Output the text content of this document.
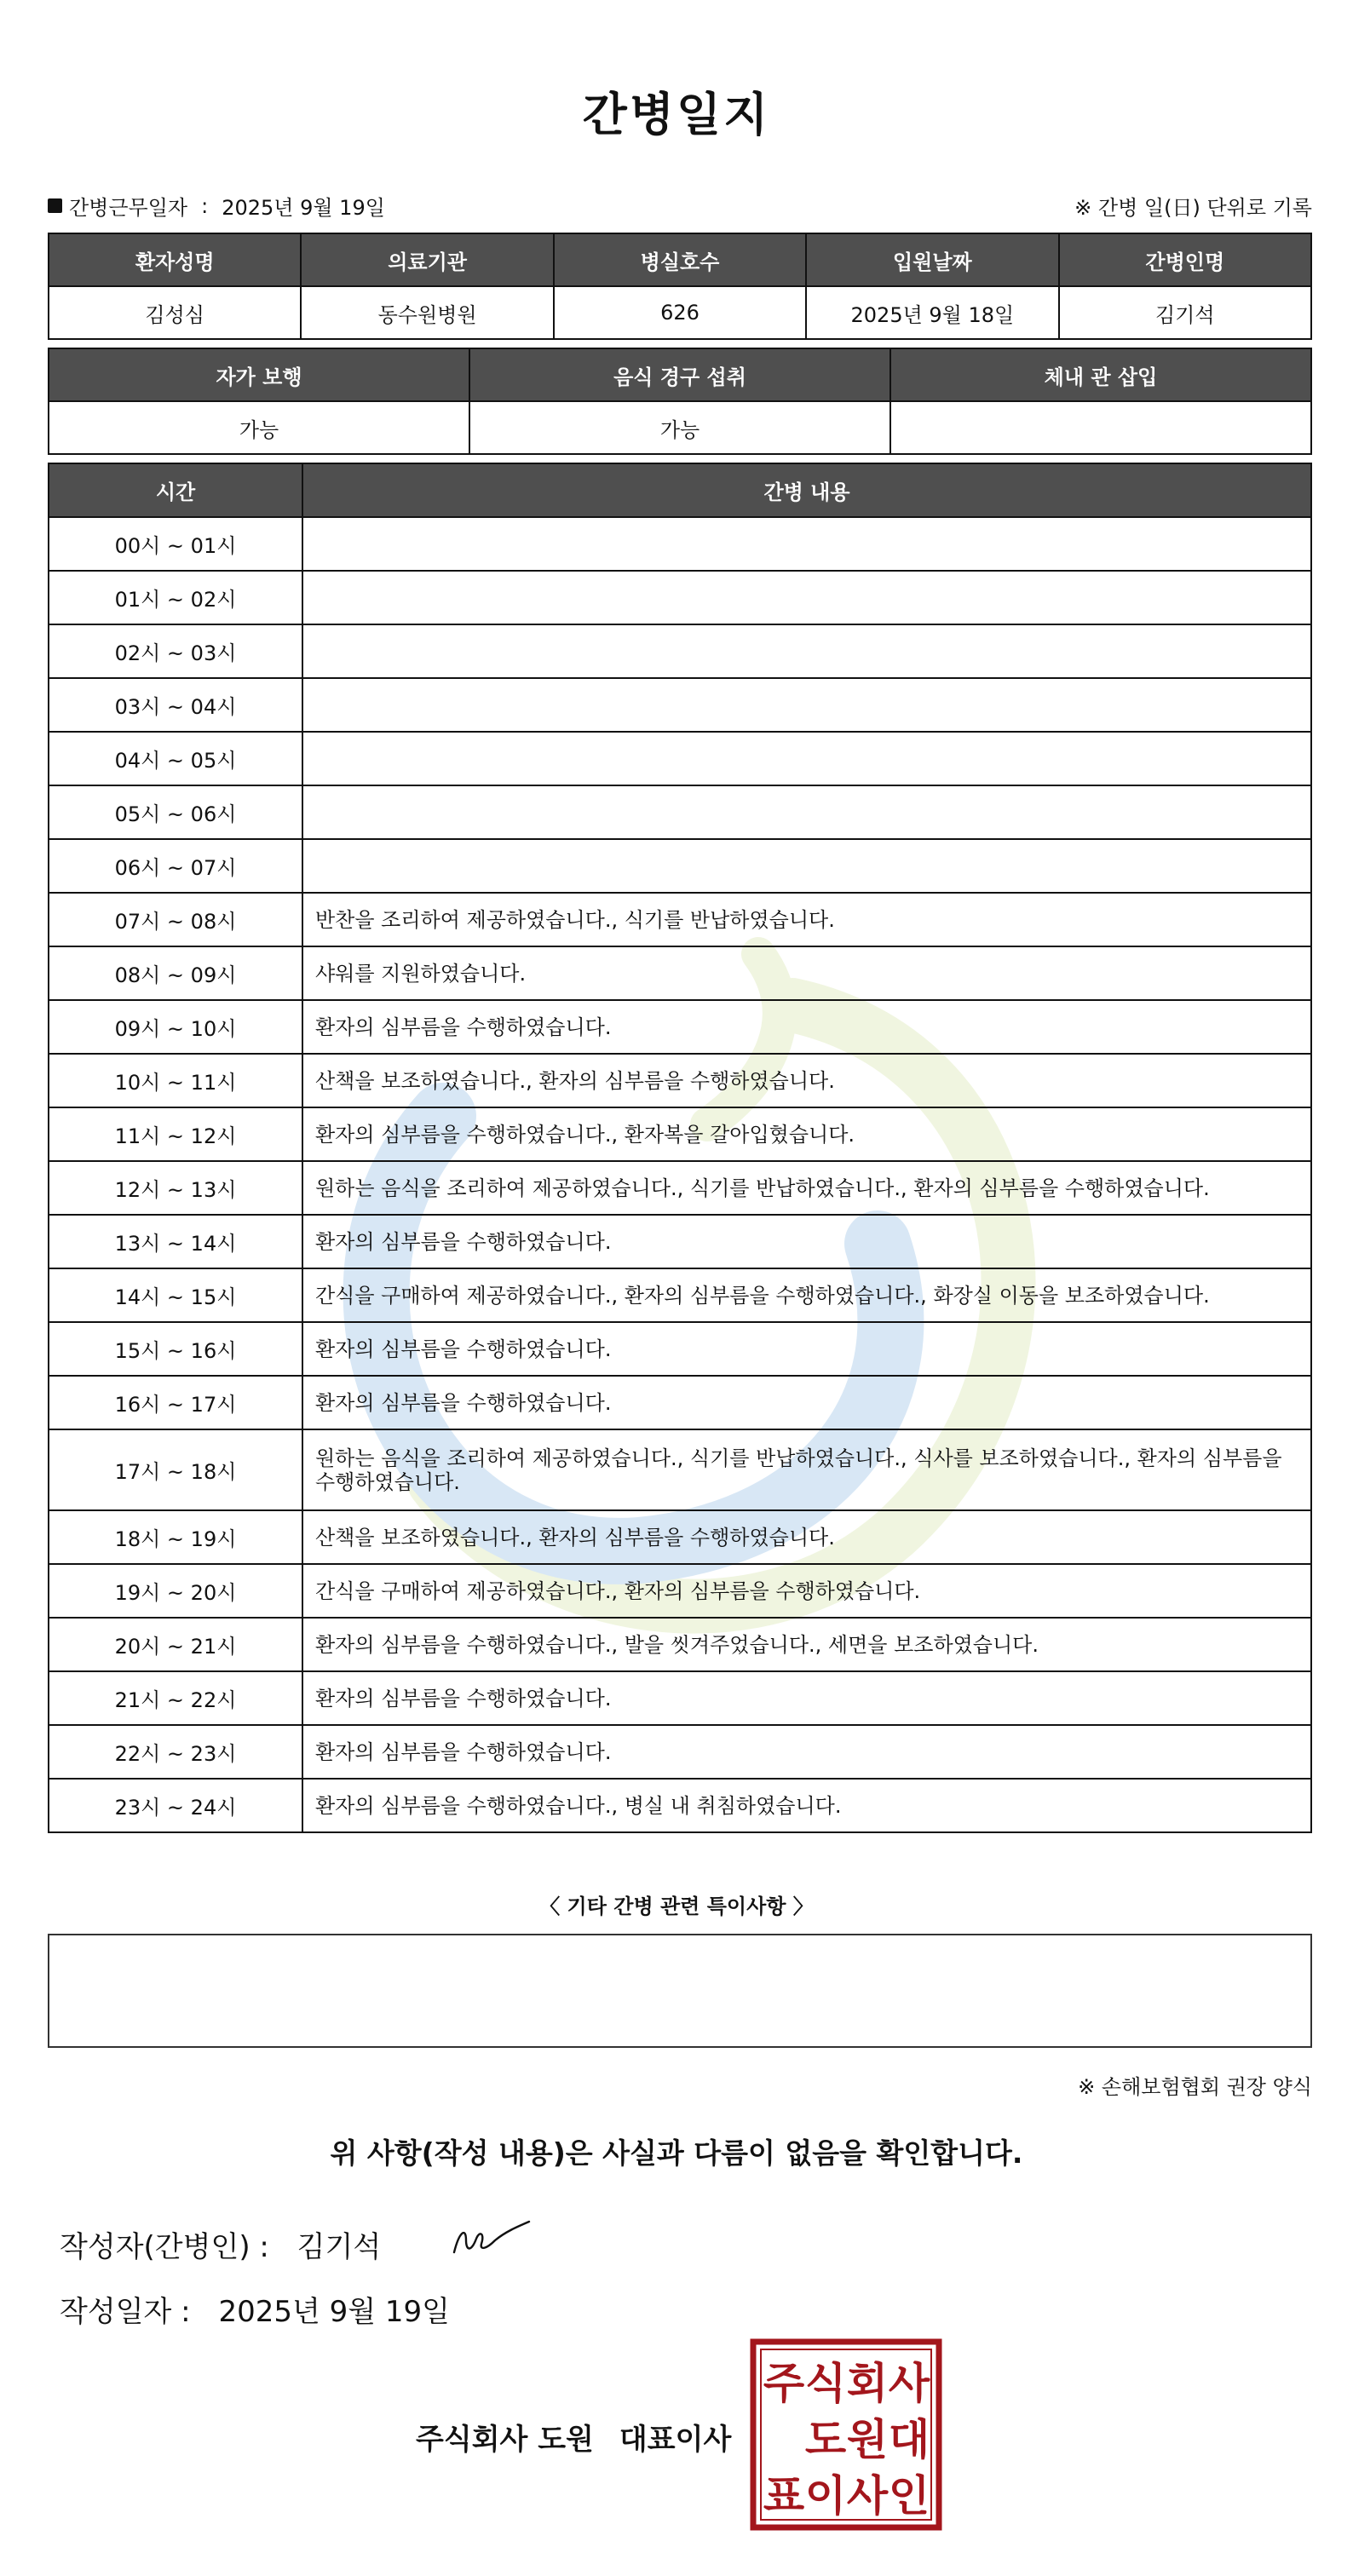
간병일지
간병근무일자 : 2025년 9월 19일	※ 간병 일(日) 단위로 기록
환자성명	의료기관	병실호수	입원날짜	간병인명
김성심	동수원병원	626	2025년 9월 18일	김기석
자가 보행	음식 경구 섭취	체내 관 삽입
가능	가능	
시간	간병 내용
00시 ~ 01시	
01시 ~ 02시	
02시 ~ 03시	
03시 ~ 04시	
04시 ~ 05시	
05시 ~ 06시	
06시 ~ 07시	
07시 ~ 08시	반찬을 조리하여 제공하였습니다., 식기를 반납하였습니다.
08시 ~ 09시	샤워를 지원하였습니다.
09시 ~ 10시	환자의 심부름을 수행하였습니다.
10시 ~ 11시	산책을 보조하였습니다., 환자의 심부름을 수행하였습니다.
11시 ~ 12시	환자의 심부름을 수행하였습니다., 환자복을 갈아입혔습니다.
12시 ~ 13시	원하는 음식을 조리하여 제공하였습니다., 식기를 반납하였습니다., 환자의 심부름을 수행하였습니다.
13시 ~ 14시	환자의 심부름을 수행하였습니다.
14시 ~ 15시	간식을 구매하여 제공하였습니다., 환자의 심부름을 수행하였습니다., 화장실 이동을 보조하였습니다.
15시 ~ 16시	환자의 심부름을 수행하였습니다.
16시 ~ 17시	환자의 심부름을 수행하였습니다.
17시 ~ 18시	원하는 음식을 조리하여 제공하였습니다., 식기를 반납하였습니다., 식사를 보조하였습니다., 환자의 심부름을 수행하였습니다.
18시 ~ 19시	산책을 보조하였습니다., 환자의 심부름을 수행하였습니다.
19시 ~ 20시	간식을 구매하여 제공하였습니다., 환자의 심부름을 수행하였습니다.
20시 ~ 21시	환자의 심부름을 수행하였습니다., 발을 씻겨주었습니다., 세면을 보조하였습니다.
21시 ~ 22시	환자의 심부름을 수행하였습니다.
22시 ~ 23시	환자의 심부름을 수행하였습니다.
23시 ~ 24시	환자의 심부름을 수행하였습니다., 병실 내 취침하였습니다.
〈 기타 간병 관련 특이사항 〉
※ 손해보험협회 권장 양식
위 사항(작성 내용)은 사실과 다름이 없음을 확인합니다.
작성자(간병인) : 김기석
작성일자 : 2025년 9월 19일
주식회사 도원 대표이사
주 식 회 사
도 원 대
표 이 사 인
